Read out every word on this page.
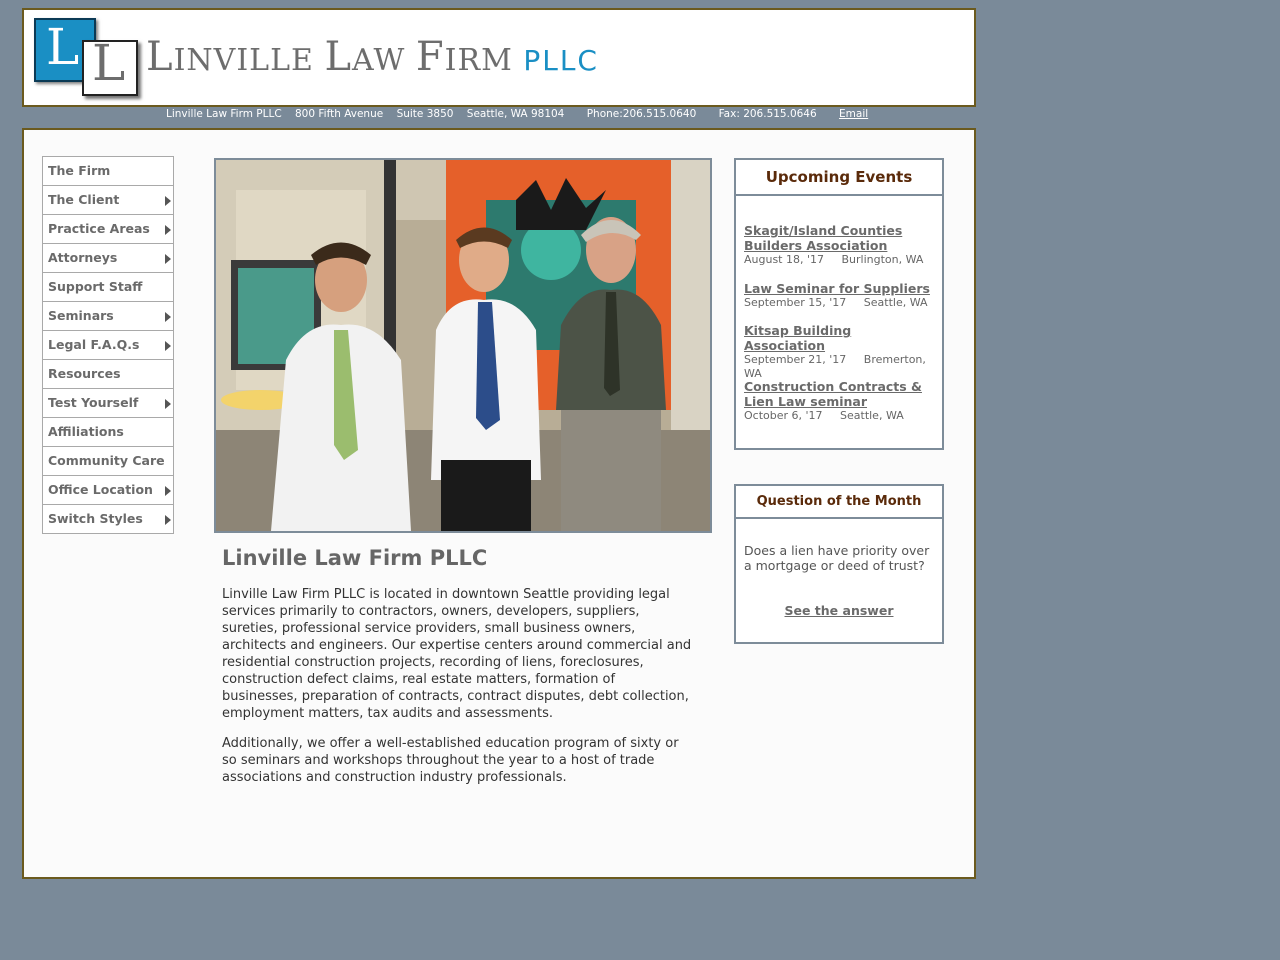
L L LINVILLE LAW FIRM PLLC
Linville Law Firm PLLC 800 Fifth Avenue Suite 3850 Seattle, WA 98104 Phone:206.515.0640 Fax: 206.515.0646 Email
The Firm
The Client
Practice Areas
Attorneys
Support Staff
Seminars
Legal F.A.Q.s
Resources
Test Yourself
Affiliations
Community Care
Office Location
Switch Styles
Linville Law Firm PLLC
Linville Law Firm PLLC is located in downtown Seattle providing legal services primarily to contractors, owners, developers, suppliers, sureties, professional service providers, small business owners, architects and engineers. Our expertise centers around commercial and residential construction projects, recording of liens, foreclosures, construction defect claims, real estate matters, formation of businesses, preparation of contracts, contract disputes, debt collection, employment matters, tax audits and assessments.
Additionally, we offer a well-established education program of sixty or so seminars and workshops throughout the year to a host of trade associations and construction industry professionals.
Upcoming Events
Skagit/Island Counties Builders Association
August 18, '17     Burlington, WA
Law Seminar for Suppliers
September 15, '17     Seattle, WA
Kitsap Building Association
September 21, '17     Bremerton, WA
Construction Contracts & Lien Law seminar
October 6, '17     Seattle, WA
Question of the Month
Does a lien have priority over a mortgage or deed of trust?
See the answer
